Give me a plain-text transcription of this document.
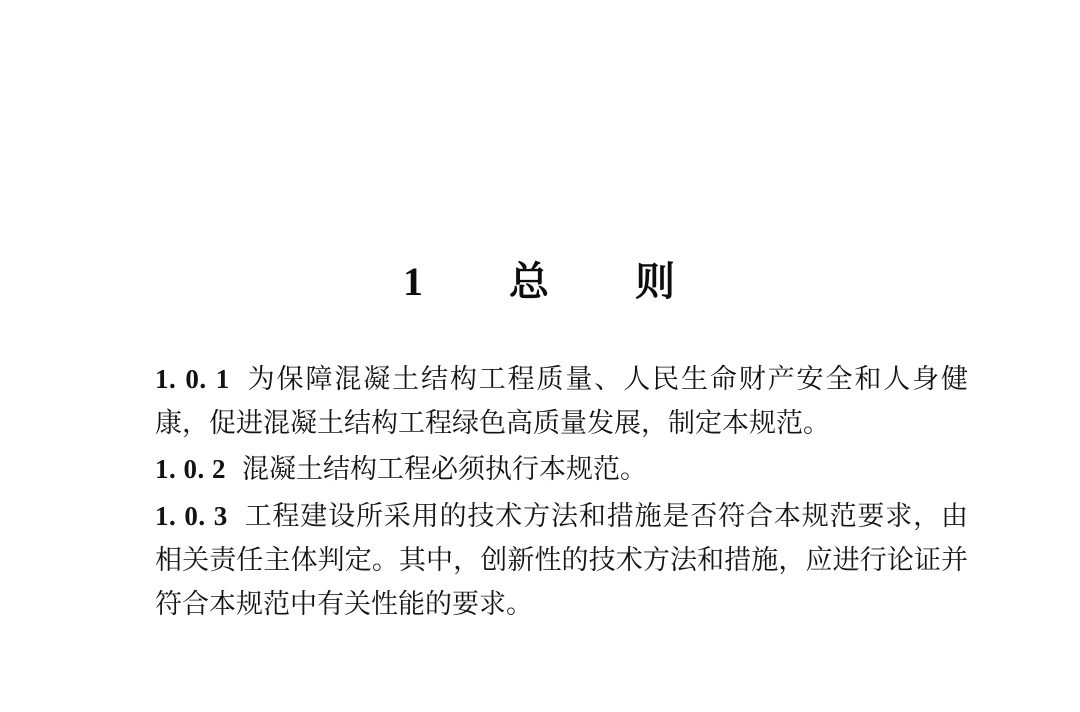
1　　总　　则

1. 0. 1 为保障混凝土结构工程质量、人民生命财产安全和人身健康，促进混凝土结构工程绿色高质量发展，制定本规范。

1. 0. 2 混凝土结构工程必须执行本规范。

1. 0. 3 工程建设所采用的技术方法和措施是否符合本规范要求，由相关责任主体判定。其中，创新性的技术方法和措施，应进行论证并符合本规范中有关性能的要求。
